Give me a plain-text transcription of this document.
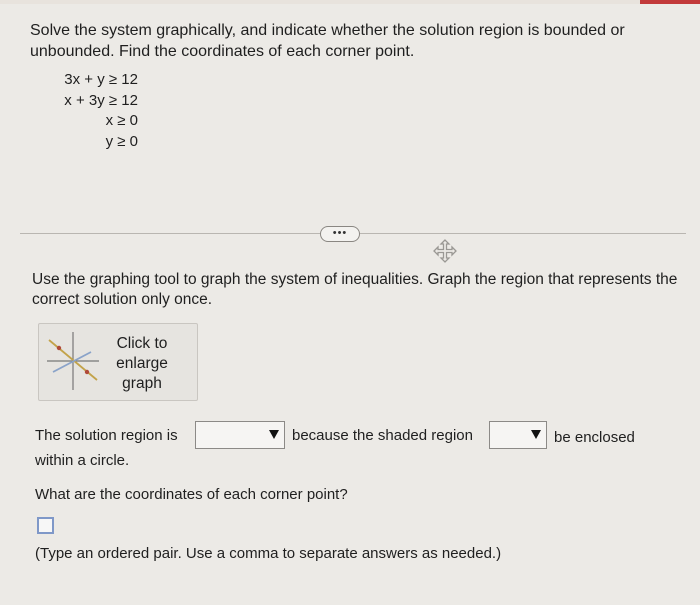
Solve the system graphically, and indicate whether the solution region is bounded or unbounded. Find the coordinates of each corner point.
3x + y ≥ 12
x + 3y ≥ 12
x ≥ 0
y ≥ 0
•••
Use the graphing tool to graph the system of inequalities. Graph the region that represents the correct solution only once.
Click to enlarge graph
The solution region is	because the shaded region	be enclosed
within a circle.
What are the coordinates of each corner point?
(Type an ordered pair. Use a comma to separate answers as needed.)
